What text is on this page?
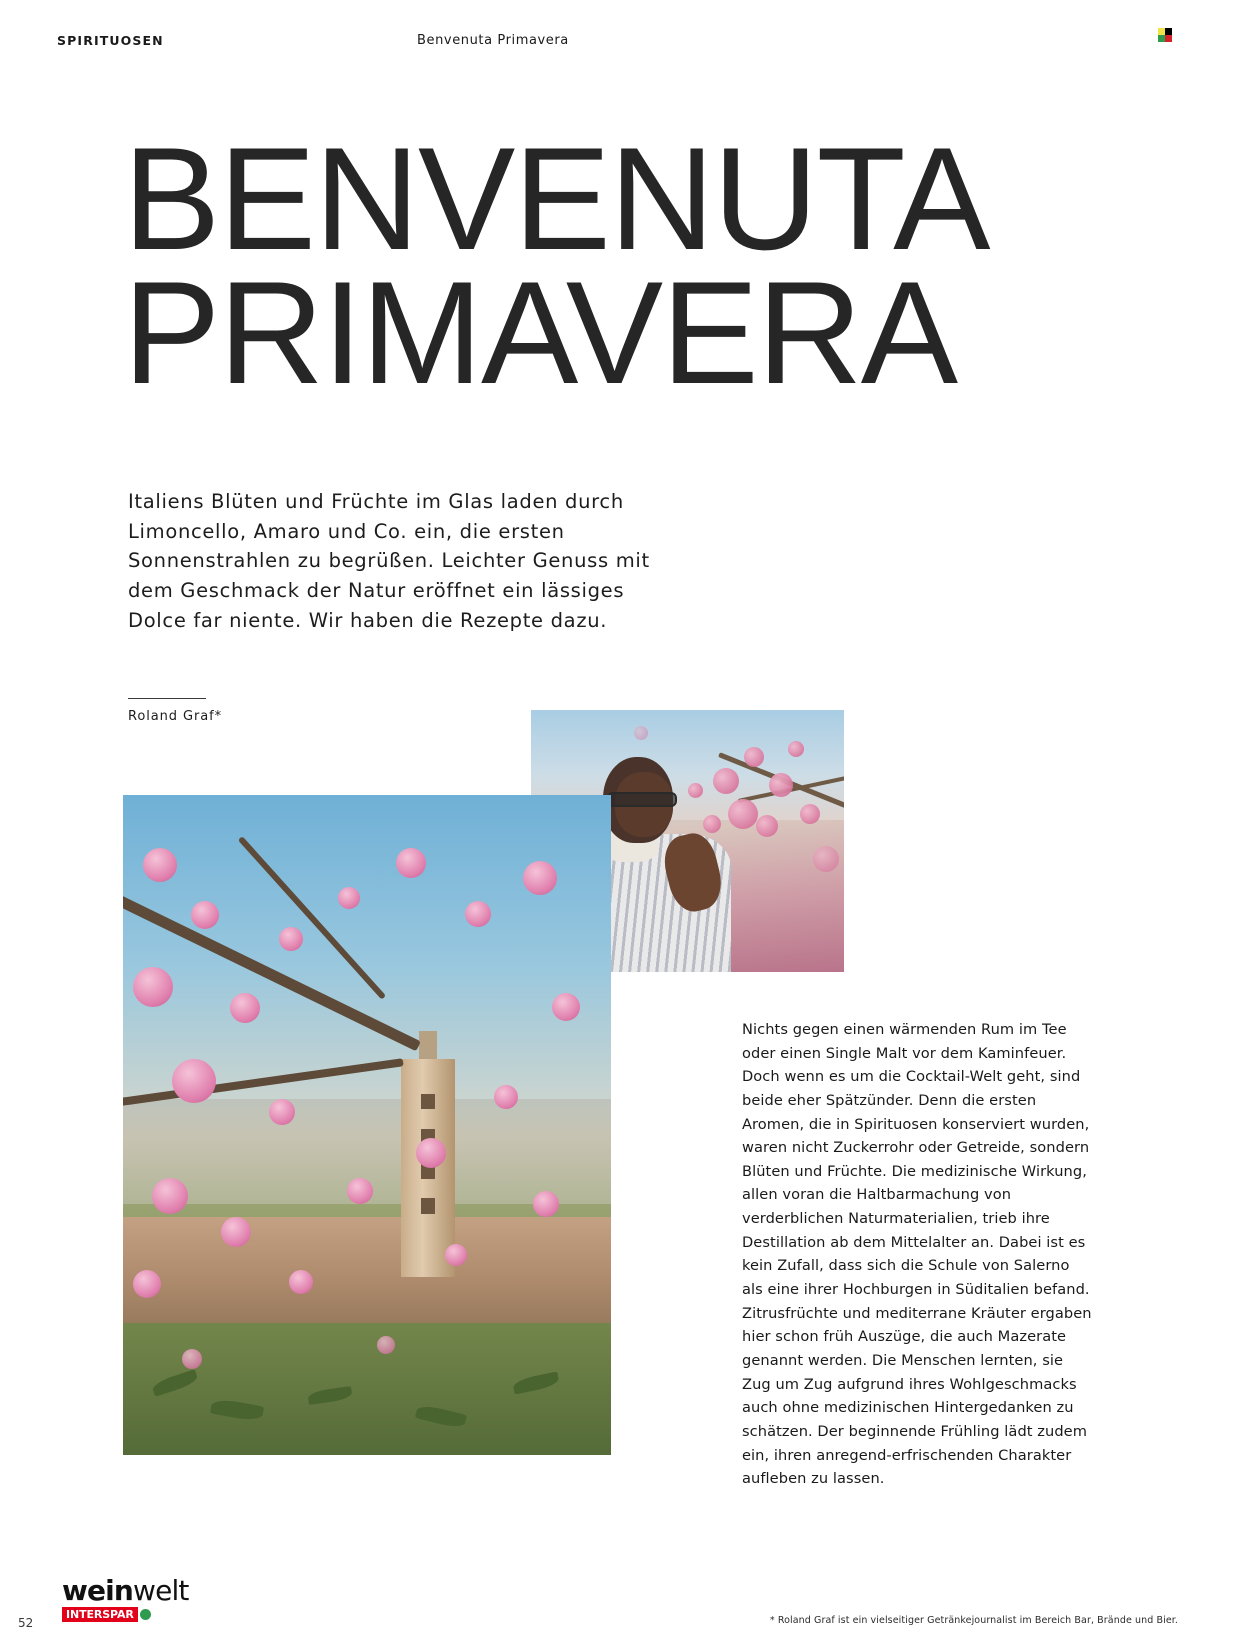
SPIRITUOSEN	Benvenuta Primavera
BENVENUTA
PRIMAVERA
Italiens Blüten und Früchte im Glas laden durch Limoncello, Amaro und Co. ein, die ersten Sonnenstrahlen zu begrüßen. Leichter Genuss mit dem Geschmack der Natur eröffnet ein lässiges Dolce far niente. Wir haben die Rezepte dazu.
Roland Graf*
Nichts gegen einen wärmenden Rum im Tee oder einen Single Malt vor dem Kaminfeuer. Doch wenn es um die Cocktail-Welt geht, sind beide eher Spätzünder. Denn die ersten Aromen, die in Spirituosen konserviert wurden, waren nicht Zuckerrohr oder Getreide, sondern Blüten und Früchte. Die medizinische Wirkung, allen voran die Haltbarmachung von verderblichen Naturmaterialien, trieb ihre Destillation ab dem Mittelalter an. Dabei ist es kein Zufall, dass sich die Schule von Salerno als eine ihrer Hochburgen in Süditalien befand. Zitrusfrüchte und mediterrane Kräuter ergaben hier schon früh Auszüge, die auch Mazerate genannt werden. Die Menschen lernten, sie Zug um Zug aufgrund ihres Wohlgeschmacks auch ohne medizinischen Hintergedanken zu schätzen. Der beginnende Frühling lädt zudem ein, ihren anregend-erfrischenden Charakter aufleben zu lassen.
52
weinwelt
INTERSPAR	* Roland Graf ist ein vielseitiger Getränkejournalist im Bereich Bar, Brände und Bier.
